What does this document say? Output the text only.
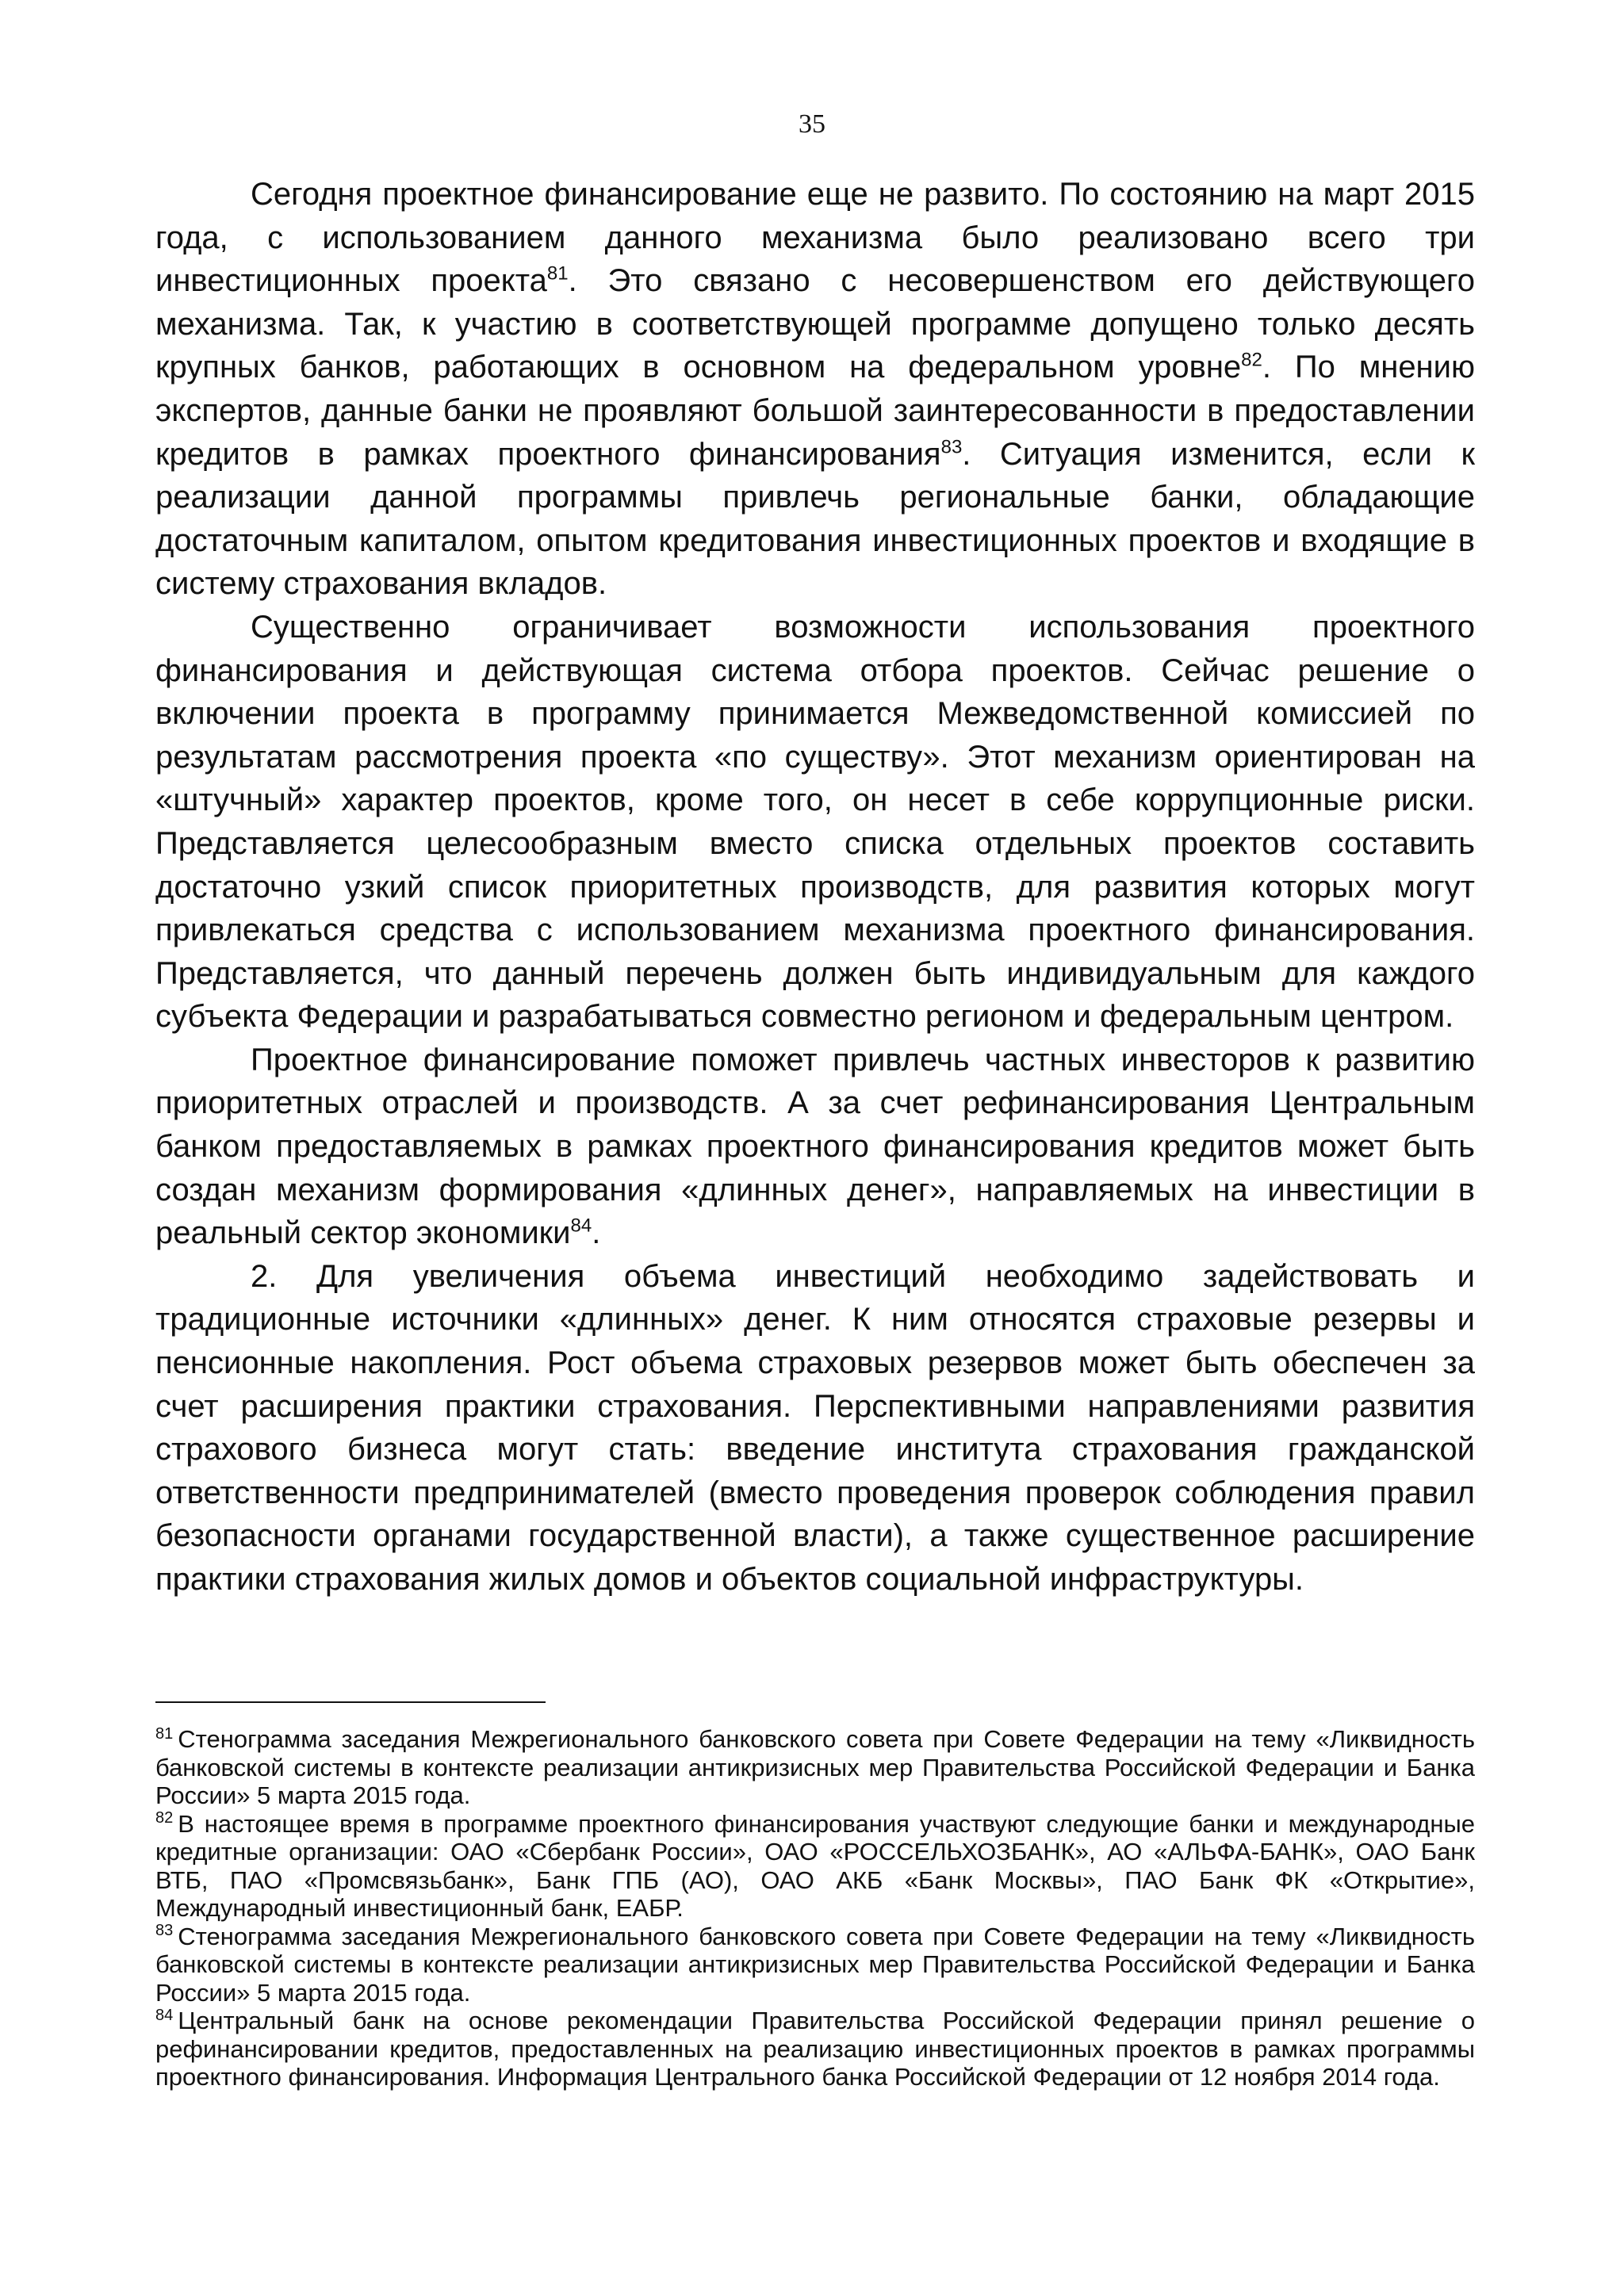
35

Сегодня проектное финансирование еще не развито. По состоянию на март 2015 года, с использованием данного механизма было реализовано всего три инвестиционных проекта$^{81}$. Это связано с несовершенством его действующего механизма. Так, к участию в соответствующей программе допущено только десять крупных банков, работающих в основном на федеральном уровне$^{82}$. По мнению экспертов, данные банки не проявляют большой заинтересованности в предоставлении кредитов в рамках проектного финансирования$^{83}$. Ситуация изменится, если к реализации данной программы привлечь региональные банки, обладающие достаточным капиталом, опытом кредитования инвестиционных проектов и входящие в систему страхования вкладов.

Существенно ограничивает возможности использования проектного финансирования и действующая система отбора проектов. Сейчас решение о включении проекта в программу принимается Межведомственной комиссией по результатам рассмотрения проекта «по существу». Этот механизм ориентирован на «штучный» характер проектов, кроме того, он несет в себе коррупционные риски. Представляется целесообразным вместо списка отдельных проектов составить достаточно узкий список приоритетных производств, для развития которых могут привлекаться средства с использованием механизма проектного финансирования. Представляется, что данный перечень должен быть индивидуальным для каждого субъекта Федерации и разрабатываться совместно регионом и федеральным центром.

Проектное финансирование поможет привлечь частных инвесторов к развитию приоритетных отраслей и производств. А за счет рефинансирования Центральным банком предоставляемых в рамках проектного финансирования кредитов может быть создан механизм формирования «длинных денег», направляемых на инвестиции в реальный сектор экономики$^{84}$.

2. Для увеличения объема инвестиций необходимо задействовать и традиционные источники «длинных» денег. К ним относятся страховые резервы и пенсионные накопления. Рост объема страховых резервов может быть обеспечен за счет расширения практики страхования. Перспективными направлениями развития страхового бизнеса могут стать: введение института страхования гражданской ответственности предпринимателей (вместо проведения проверок соблюдения правил безопасности органами государственной власти), а также существенное расширение практики страхования жилых домов и объектов социальной инфраструктуры.

$^{81}$ Стенограмма заседания Межрегионального банковского совета при Совете Федерации на тему «Ликвидность банковской системы в контексте реализации антикризисных мер Правительства Российской Федерации и Банка России» 5 марта 2015 года.

$^{82}$ В настоящее время в программе проектного финансирования участвуют следующие банки и международные кредитные организации: ОАО «Сбербанк России», ОАО «РОССЕЛЬХОЗБАНК», АО «АЛЬФА-БАНК», ОАО Банк ВТБ, ПАО «Промсвязьбанк», Банк ГПБ (АО), ОАО АКБ «Банк Москвы», ПАО Банк ФК «Открытие», Международный инвестиционный банк, ЕАБР.

$^{83}$ Стенограмма заседания Межрегионального банковского совета при Совете Федерации на тему «Ликвидность банковской системы в контексте реализации антикризисных мер Правительства Российской Федерации и Банка России» 5 марта 2015 года.

$^{84}$ Центральный банк на основе рекомендации Правительства Российской Федерации принял решение о рефинансировании кредитов, предоставленных на реализацию инвестиционных проектов в рамках программы проектного финансирования. Информация Центрального банка Российской Федерации от 12 ноября 2014 года.
